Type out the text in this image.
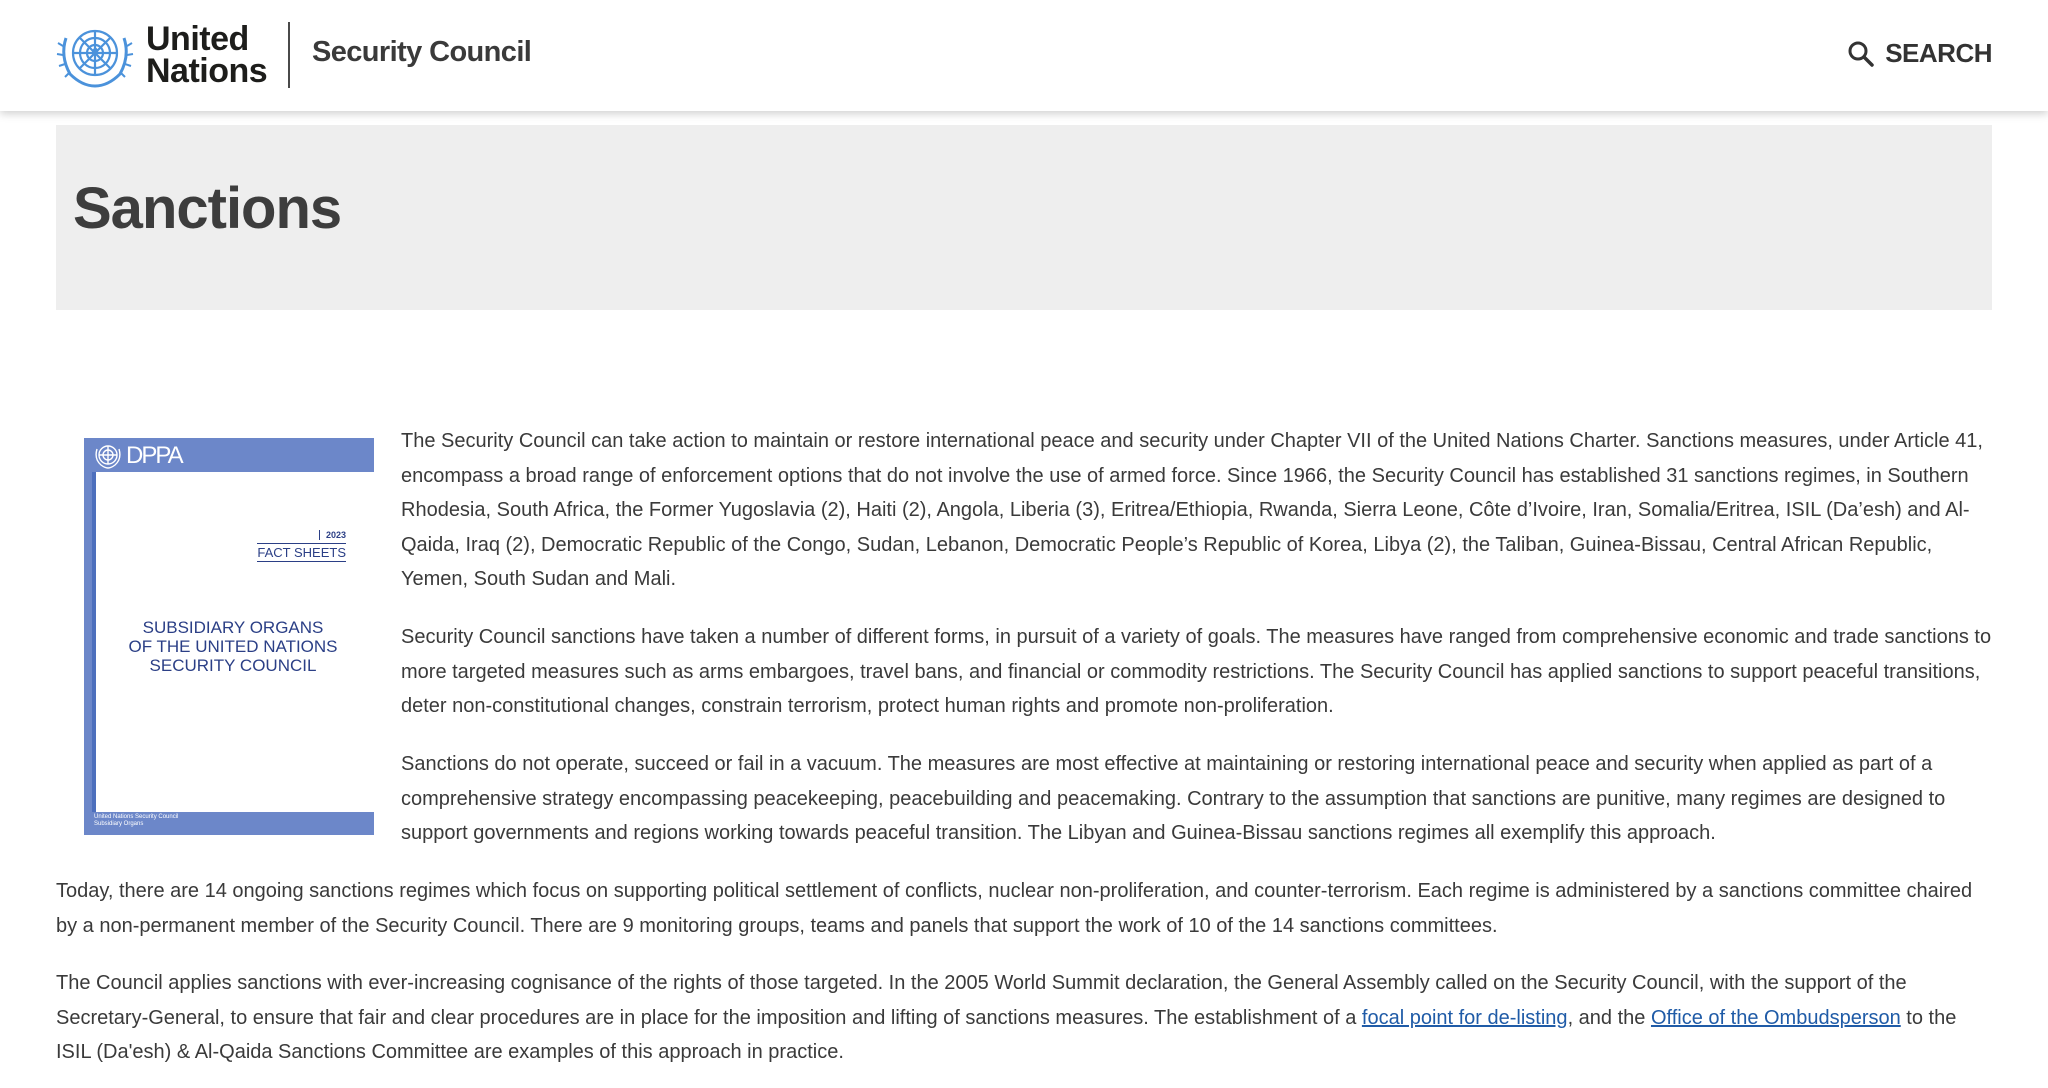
United
Nations Security Council	SEARCH
Sanctions
DPPA
2023
FACT SHEETS
SUBSIDIARY ORGANS
OF THE UNITED NATIONS
SECURITY COUNCIL
United Nations Security Council
Subsidiary Organs

The Security Council can take action to maintain or restore international peace and security under Chapter VII of the United Nations Charter. Sanctions measures, under Article 41, encompass a broad range of enforcement options that do not involve the use of armed force. Since 1966, the Security Council has established 31 sanctions regimes, in Southern Rhodesia, South Africa, the Former Yugoslavia (2), Haiti (2), Angola, Liberia (3), Eritrea/Ethiopia, Rwanda, Sierra Leone, Côte d’Ivoire, Iran, Somalia/Eritrea, ISIL (Da’esh) and Al-Qaida, Iraq (2), Democratic Republic of the Congo, Sudan, Lebanon, Democratic People’s Republic of Korea, Libya (2), the Taliban, Guinea-Bissau, Central African Republic, Yemen, South Sudan and Mali.

Security Council sanctions have taken a number of different forms, in pursuit of a variety of goals. The measures have ranged from comprehensive economic and trade sanctions to more targeted measures such as arms embargoes, travel bans, and financial or commodity restrictions. The Security Council has applied sanctions to support peaceful transitions, deter non-constitutional changes, constrain terrorism, protect human rights and promote non-proliferation.

Sanctions do not operate, succeed or fail in a vacuum. The measures are most effective at maintaining or restoring international peace and security when applied as part of a comprehensive strategy encompassing peacekeeping, peacebuilding and peacemaking. Contrary to the assumption that sanctions are punitive, many regimes are designed to support governments and regions working towards peaceful transition. The Libyan and Guinea-Bissau sanctions regimes all exemplify this approach.

Today, there are 14 ongoing sanctions regimes which focus on supporting political settlement of conflicts, nuclear non-proliferation, and counter-terrorism. Each regime is administered by a sanctions committee chaired by a non-permanent member of the Security Council. There are 9 monitoring groups, teams and panels that support the work of 10 of the 14 sanctions committees.

The Council applies sanctions with ever-increasing cognisance of the rights of those targeted. In the 2005 World Summit declaration, the General Assembly called on the Security Council, with the support of the Secretary-General, to ensure that fair and clear procedures are in place for the imposition and lifting of sanctions measures. The establishment of a focal point for de-listing, and the Office of the Ombudsperson to the ISIL (Da'esh) & Al-Qaida Sanctions Committee are examples of this approach in practice.
